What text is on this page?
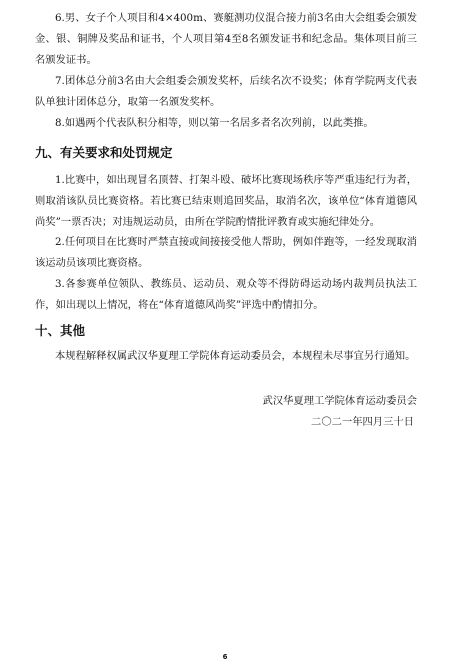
6.男、女子个人项目和4×400m、赛艇测功仪混合接力前3名由大会组委会颁发金、银、铜牌及奖品和证书，个人项目第4至8名颁发证书和纪念品。集体项目前三名颁发证书。

7.团体总分前3名由大会组委会颁发奖杯，后续名次不设奖；体育学院两支代表队单独计团体总分，取第一名颁发奖杯。

8.如遇两个代表队积分相等，则以第一名居多者名次列前，以此类推。

九、有关要求和处罚规定

1.比赛中，如出现冒名顶替、打架斗殴、破坏比赛现场秩序等严重违纪行为者，则取消该队员比赛资格。若比赛已结束则追回奖品，取消名次，该单位“体育道德风尚奖”一票否决；对违规运动员，由所在学院酌情批评教育或实施纪律处分。

2.任何项目在比赛时严禁直接或间接接受他人帮助，例如伴跑等，一经发现取消该运动员该项比赛资格。

3.各参赛单位领队、教练员、运动员、观众等不得防碍运动场内裁判员执法工作，如出现以上情况，将在“体育道德风尚奖”评选中酌情扣分。

十、其他

本规程解释权属武汉华夏理工学院体育运动委员会，本规程未尽事宜另行通知。

武汉华夏理工学院体育运动委员会

二〇二一年四月三十日

6
